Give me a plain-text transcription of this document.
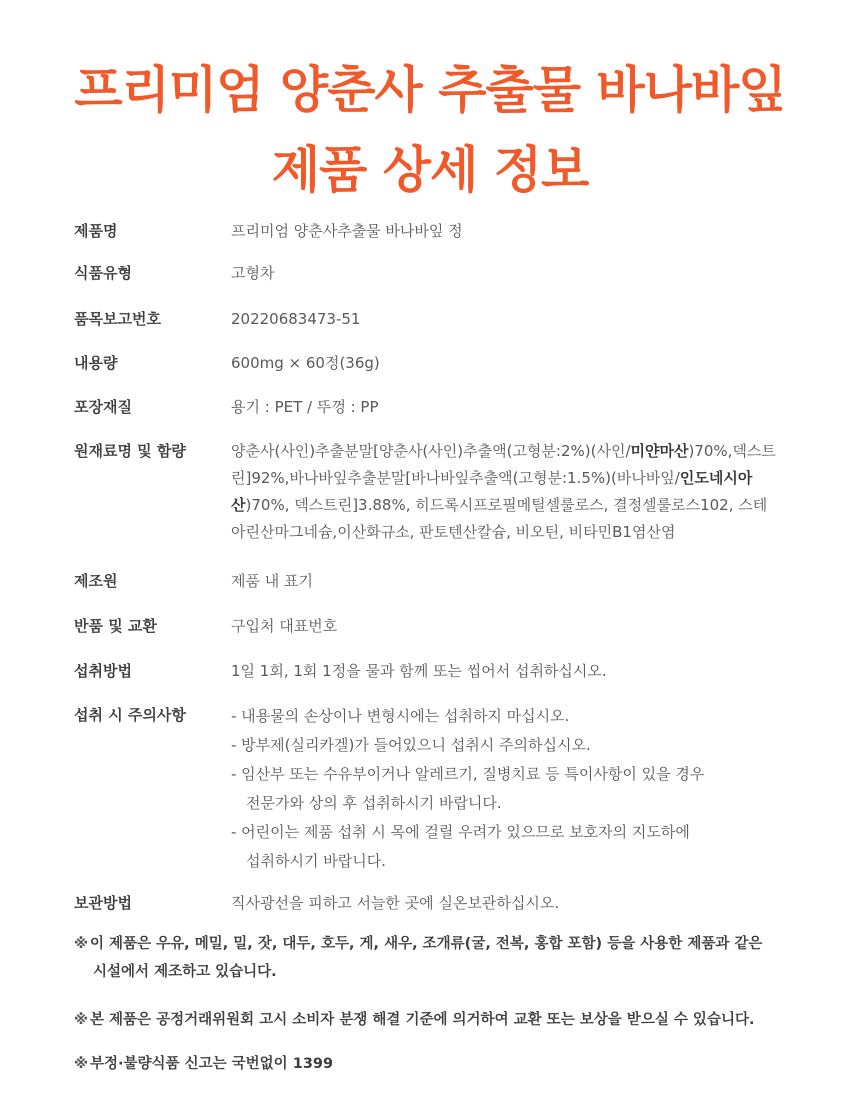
프리미엄 양춘사 추출물 바나바잎
제품 상세 정보
제품명	프리미엄 양춘사추출물 바나바잎 정
식품유형	고형차
품목보고번호	20220683473-51
내용량	600mg × 60정(36g)
포장재질	용기 : PET / 뚜껑 : PP
원재료명 및 함량	양춘사(사인)추출분말[양춘사(사인)추출액(고형분:2%)(사인/미얀마산)70%,덱스트린]92%,바나바잎추출분말[바나바잎추출액(고형분:1.5%)(바나바잎/인도네시아산)70%, 덱스트린]3.88%, 히드록시프로필메틸셀룰로스, 결정셀룰로스102, 스테아린산마그네슘,이산화규소, 판토텐산칼슘, 비오틴, 비타민B1염산염
제조원	제품 내 표기
반품 및 교환	구입처 대표번호
섭취방법	1일 1회, 1회 1정을 물과 함께 또는 씹어서 섭취하십시오.
섭취 시 주의사항	- 내용물의 손상이나 변형시에는 섭취하지 마십시오.
- 방부제(실리카겔)가 들어있으니 섭취시 주의하십시오.
- 임산부 또는 수유부이거나 알레르기, 질병치료 등 특이사항이 있을 경우
전문가와 상의 후 섭취하시기 바랍니다.
- 어린이는 제품 섭취 시 목에 걸릴 우려가 있으므로 보호자의 지도하에
섭취하시기 바랍니다.
보관방법	직사광선을 피하고 서늘한 곳에 실온보관하십시오.

※ 이 제품은 우유, 메밀, 밀, 잣, 대두, 호두, 게, 새우, 조개류(굴, 전복, 홍합 포함) 등을 사용한 제품과 같은
시설에서 제조하고 있습니다.

※ 본 제품은 공정거래위원회 고시 소비자 분쟁 해결 기준에 의거하여 교환 또는 보상을 받으실 수 있습니다.

※ 부정·불량식품 신고는 국번없이 1399
